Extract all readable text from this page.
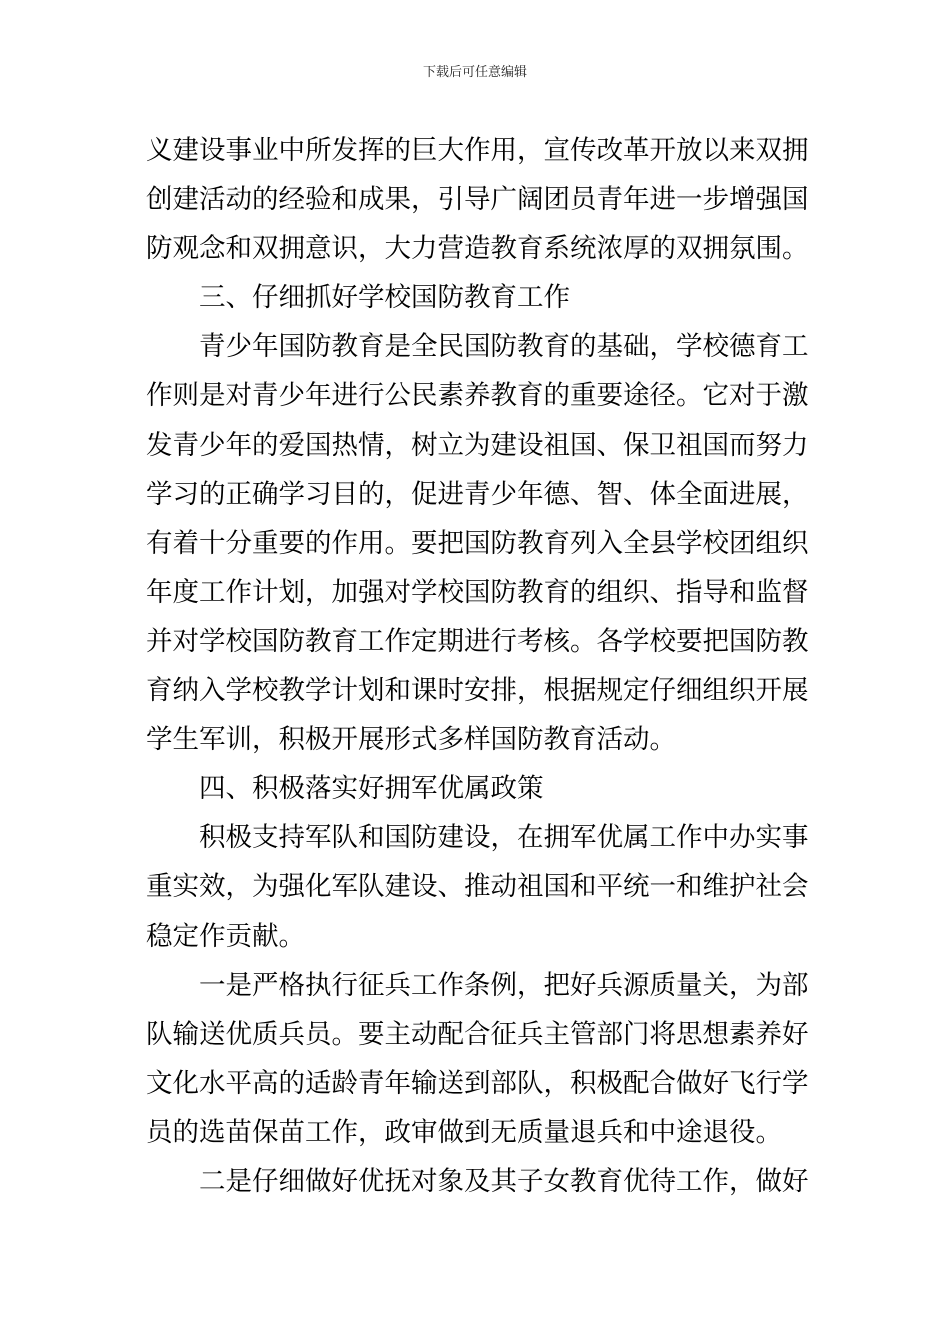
下载后可任意编辑
义建设事业中所发挥的巨大作用，宣传改革开放以来双拥
创建活动的经验和成果，引导广阔团员青年进一步增强国
防观念和双拥意识，大力营造教育系统浓厚的双拥氛围。
三、仔细抓好学校国防教育工作
青少年国防教育是全民国防教育的基础，学校德育工
作则是对青少年进行公民素养教育的重要途径。它对于激
发青少年的爱国热情，树立为建设祖国、保卫祖国而努力
学习的正确学习目的，促进青少年德、智、体全面进展，
有着十分重要的作用。要把国防教育列入全县学校团组织
年度工作计划，加强对学校国防教育的组织、指导和监督
并对学校国防教育工作定期进行考核。各学校要把国防教
育纳入学校教学计划和课时安排，根据规定仔细组织开展
学生军训，积极开展形式多样国防教育活动。
四、积极落实好拥军优属政策
积极支持军队和国防建设，在拥军优属工作中办实事
重实效，为强化军队建设、推动祖国和平统一和维护社会
稳定作贡献。
一是严格执行征兵工作条例，把好兵源质量关，为部
队输送优质兵员。要主动配合征兵主管部门将思想素养好
文化水平高的适龄青年输送到部队，积极配合做好飞行学
员的选苗保苗工作，政审做到无质量退兵和中途退役。
二是仔细做好优抚对象及其子女教育优待工作，做好
